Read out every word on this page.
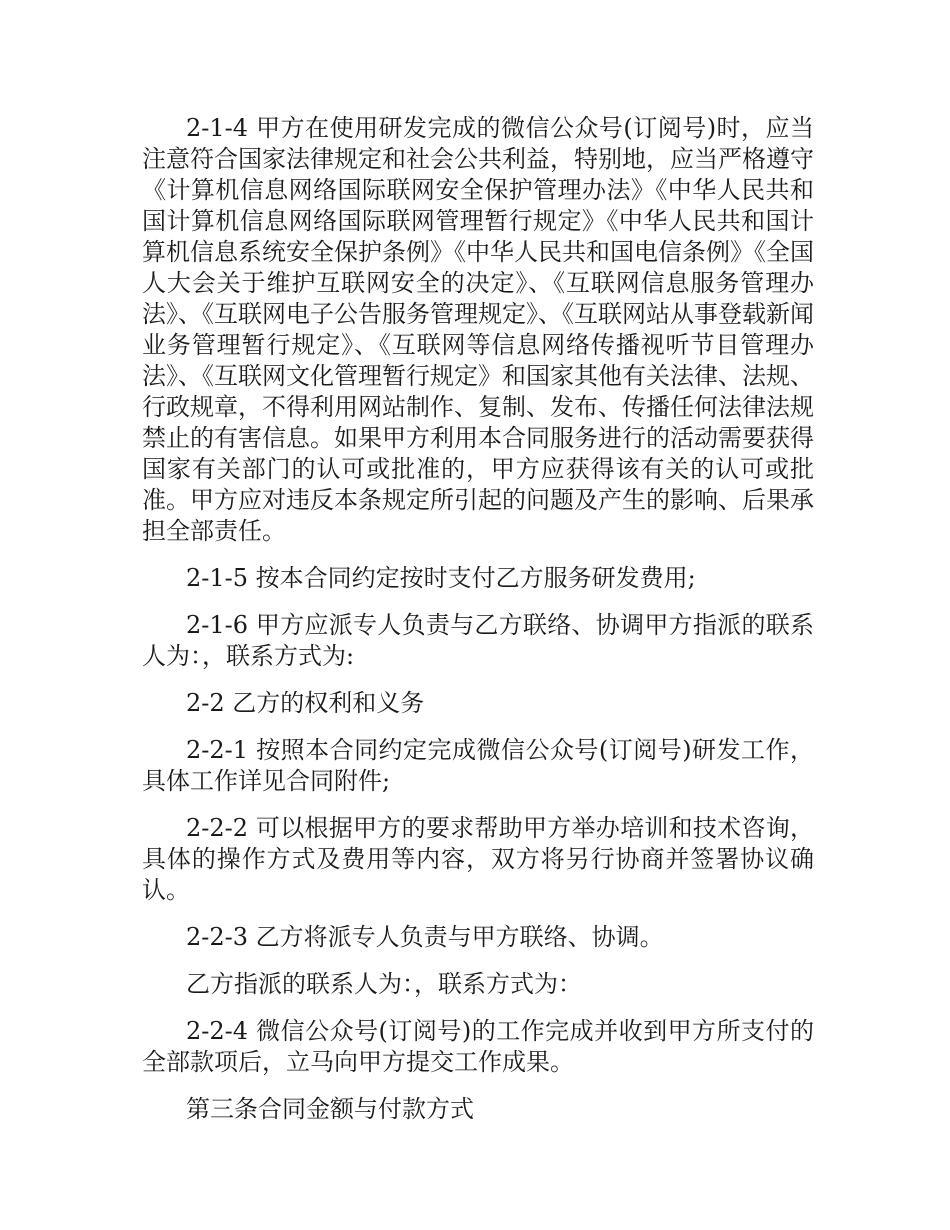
2-1-4 甲方在使用研发完成的微信公众号(订阅号)时，应当注意符合国家法律规定和社会公共利益，特别地，应当严格遵守《计算机信息网络国际联网安全保护管理办法》《中华人民共和国计算机信息网络国际联网管理暂行规定》《中华人民共和国计算机信息系统安全保护条例》《中华人民共和国电信条例》《全国人大会关于维护互联网安全的决定》、《互联网信息服务管理办法》、《互联网电子公告服务管理规定》、《互联网站从事登载新闻业务管理暂行规定》、《互联网等信息网络传播视听节目管理办法》、《互联网文化管理暂行规定》和国家其他有关法律、法规、行政规章，不得利用网站制作、复制、发布、传播任何法律法规禁止的有害信息。如果甲方利用本合同服务进行的活动需要获得国家有关部门的认可或批准的，甲方应获得该有关的认可或批准。甲方应对违反本条规定所引起的问题及产生的影响、后果承担全部责任。

2-1-5 按本合同约定按时支付乙方服务研发费用;

2-1-6 甲方应派专人负责与乙方联络、协调甲方指派的联系人为：，联系方式为:

2-2 乙方的权利和义务

2-2-1 按照本合同约定完成微信公众号(订阅号)研发工作，具体工作详见合同附件;

2-2-2 可以根据甲方的要求帮助甲方举办培训和技术咨询，具体的操作方式及费用等内容，双方将另行协商并签署协议确认。

2-2-3 乙方将派专人负责与甲方联络、协调。

乙方指派的联系人为：，联系方式为：

2-2-4 微信公众号(订阅号)的工作完成并收到甲方所支付的全部款项后，立马向甲方提交工作成果。

第三条合同金额与付款方式
